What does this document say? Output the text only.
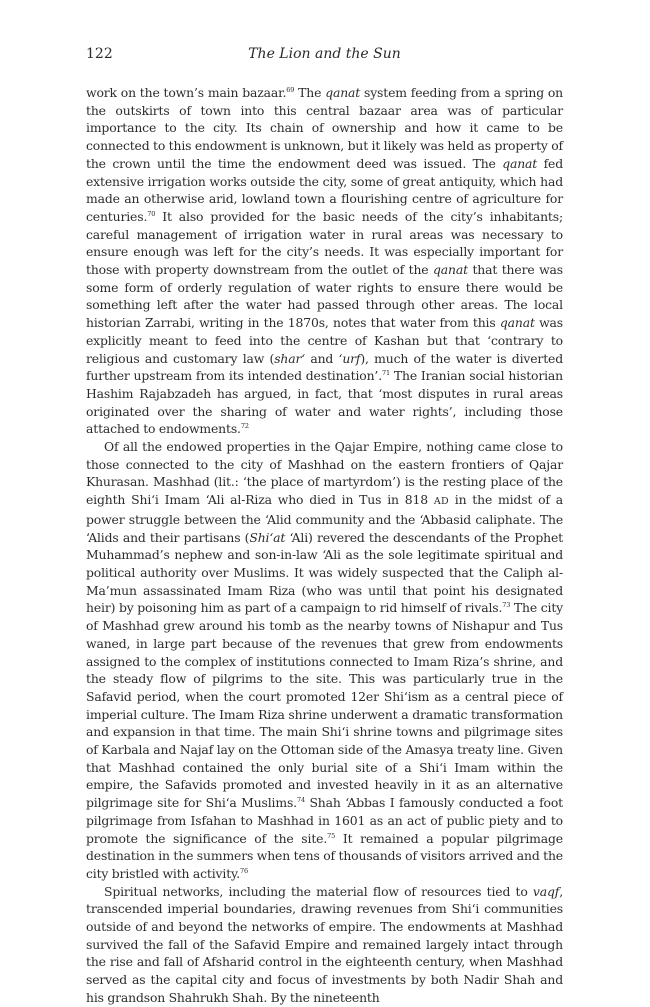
122	The Lion and the Sun

work on the town’s main bazaar.$^{69}$ The qanat system feeding from a spring on the outskirts of town into this central bazaar area was of particular importance to the city. Its chain of ownership and how it came to be connected to this endowment is unknown, but it likely was held as property of the crown until the time the endowment deed was issued. The qanat fed extensive irrigation works outside the city, some of great antiquity, which had made an otherwise arid, lowland town a flourishing centre of agriculture for centuries.$^{70}$ It also provided for the basic needs of the city’s inhabitants; careful management of irrigation water in rural areas was necessary to ensure enough was left for the city’s needs. It was especially important for those with property downstream from the outlet of the qanat that there was some form of orderly regulation of water rights to ensure there would be something left after the water had passed through other areas. The local historian Zarrabi, writing in the 1870s, notes that water from this qanat was explicitly meant to feed into the centre of Kashan but that ‘contrary to religious and customary law (shar‘ and ‘urf), much of the water is diverted further upstream from its intended destination’.$^{71}$ The Iranian social historian Hashim Rajabzadeh has argued, in fact, that ‘most disputes in rural areas originated over the sharing of water and water rights’, including those attached to endowments.$^{72}$

Of all the endowed properties in the Qajar Empire, nothing came close to those connected to the city of Mashhad on the eastern frontiers of Qajar Khurasan. Mashhad (lit.: ‘the place of martyrdom’) is the resting place of the eighth Shi‘i Imam ‘Ali al-Riza who died in Tus in 818 AD in the midst of a power struggle between the ‘Alid community and the ‘Abbasid caliphate. The ‘Alids and their partisans (Shi‘at ‘Ali) revered the descendants of the Prophet Muhammad’s nephew and son-in-law ‘Ali as the sole legitimate spiritual and political authority over Muslims. It was widely suspected that the Caliph al-Ma’mun assassinated Imam Riza (who was until that point his designated heir) by poisoning him as part of a campaign to rid himself of rivals.$^{73}$ The city of Mashhad grew around his tomb as the nearby towns of Nishapur and Tus waned, in large part because of the revenues that grew from endowments assigned to the complex of institutions connected to Imam Riza’s shrine, and the steady flow of pilgrims to the site. This was particularly true in the Safavid period, when the court promoted 12er Shi‘ism as a central piece of imperial culture. The Imam Riza shrine underwent a dramatic transformation and expansion in that time. The main Shi‘i shrine towns and pilgrimage sites of Karbala and Najaf lay on the Ottoman side of the Amasya treaty line. Given that Mashhad contained the only burial site of a Shi‘i Imam within the empire, the Safavids promoted and invested heavily in it as an alternative pilgrimage site for Shi‘a Muslims.$^{74}$ Shah ‘Abbas I famously conducted a foot pilgrimage from Isfahan to Mashhad in 1601 as an act of public piety and to promote the significance of the site.$^{75}$ It remained a popular pilgrimage destination in the summers when tens of thousands of visitors arrived and the city bristled with activity.$^{76}$

Spiritual networks, including the material flow of resources tied to vaqf, transcended imperial boundaries, drawing revenues from Shi‘i communities outside of and beyond the networks of empire. The endowments at Mashhad survived the fall of the Safavid Empire and remained largely intact through the rise and fall of Afsharid control in the eighteenth century, when Mashhad served as the capital city and focus of investments by both Nadir Shah and his grandson Shahrukh Shah. By the nineteenth
